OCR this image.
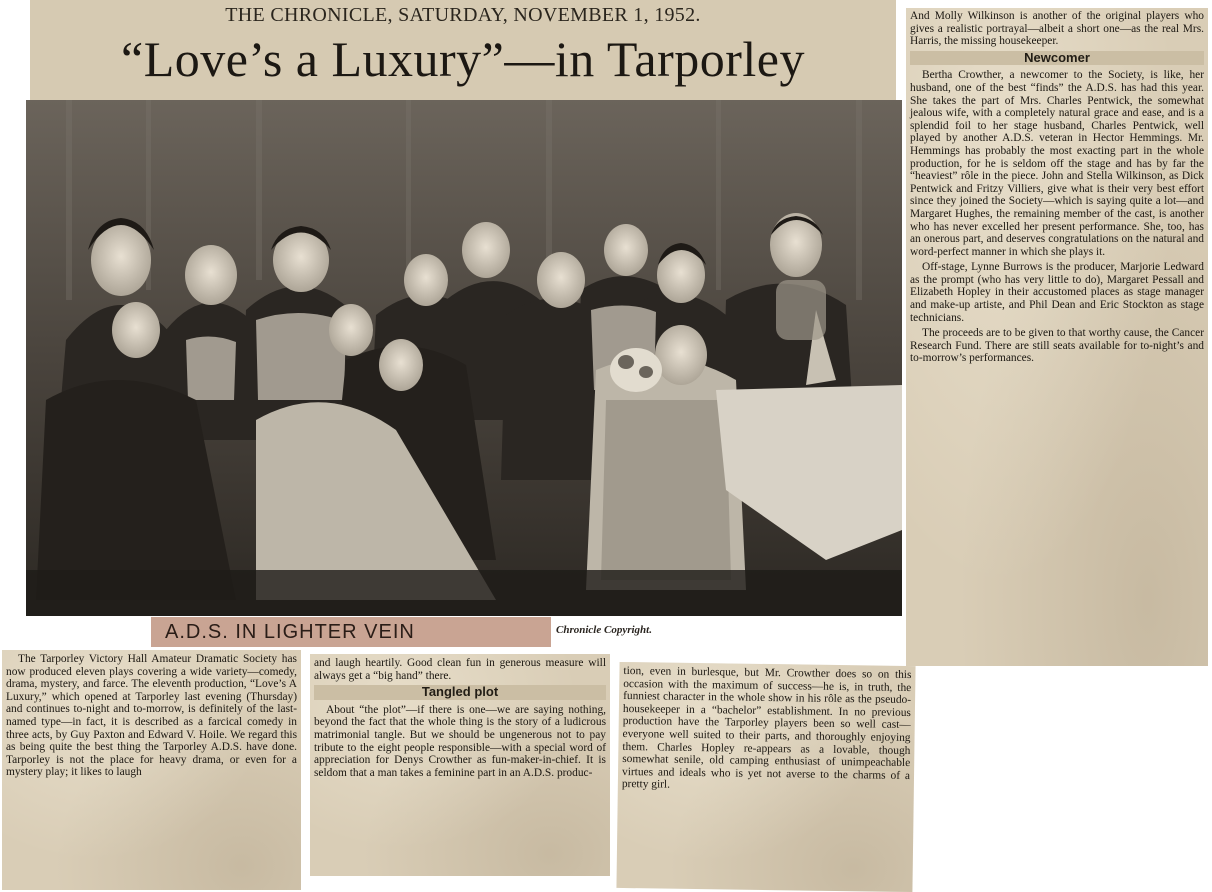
THE CHRONICLE, SATURDAY, NOVEMBER 1, 1952.
“Love’s a Luxury”—in Tarporley
A.D.S. IN LIGHTER VEIN	Chronicle Copyright.

And Molly Wilkinson is another of the original players who gives a realistic portrayal—albeit a short one—as the real Mrs. Harris, the missing housekeeper.

Newcomer

Bertha Crowther, a newcomer to the Society, is like, her husband, one of the best “finds” the A.D.S. has had this year. She takes the part of Mrs. Charles Pentwick, the somewhat jealous wife, with a completely natural grace and ease, and is a splendid foil to her stage husband, Charles Pentwick, well played by another A.D.S. veteran in Hector Hemmings. Mr. Hemmings has probably the most exacting part in the whole production, for he is seldom off the stage and has by far the “heaviest” rôle in the piece. John and Stella Wilkinson, as Dick Pentwick and Fritzy Villiers, give what is their very best effort since they joined the Society—which is saying quite a lot—and Margaret Hughes, the remaining member of the cast, is another who has never excelled her present performance. She, too, has an onerous part, and deserves congratulations on the natural and word-perfect manner in which she plays it.

Off-stage, Lynne Burrows is the producer, Marjorie Ledward as the prompt (who has very little to do), Margaret Pessall and Elizabeth Hopley in their accustomed places as stage manager and make-up artiste, and Phil Dean and Eric Stockton as stage technicians.

The proceeds are to be given to that worthy cause, the Cancer Research Fund. There are still seats available for to-night’s and to-morrow’s performances.

The Tarporley Victory Hall Amateur Dramatic Society has now produced eleven plays covering a wide variety—comedy, drama, mystery, and farce. The eleventh production, “Love’s A Luxury,” which opened at Tarporley last evening (Thursday) and continues to-night and to-morrow, is definitely of the last-named type—in fact, it is described as a farcical comedy in three acts, by Guy Paxton and Edward V. Hoile. We regard this as being quite the best thing the Tarporley A.D.S. have done. Tarporley is not the place for heavy drama, or even for a mystery play; it likes to laugh

and laugh heartily. Good clean fun in generous measure will always get a “big hand” there.

Tangled plot

About “the plot”—if there is one—we are saying nothing, beyond the fact that the whole thing is the story of a ludicrous matrimonial tangle. But we should be ungenerous not to pay tribute to the eight people responsible—with a special word of appreciation for Denys Crowther as fun-maker-in-chief. It is seldom that a man takes a feminine part in an A.D.S. produc-

tion, even in burlesque, but Mr. Crowther does so on this occasion with the maximum of success—he is, in truth, the funniest character in the whole show in his rôle as the pseudo-housekeeper in a “bachelor” establishment. In no previous production have the Tarporley players been so well cast—everyone well suited to their parts, and thoroughly enjoying them. Charles Hopley re-appears as a lovable, though somewhat senile, old camping enthusiast of unimpeachable virtues and ideals who is yet not averse to the charms of a pretty girl.
